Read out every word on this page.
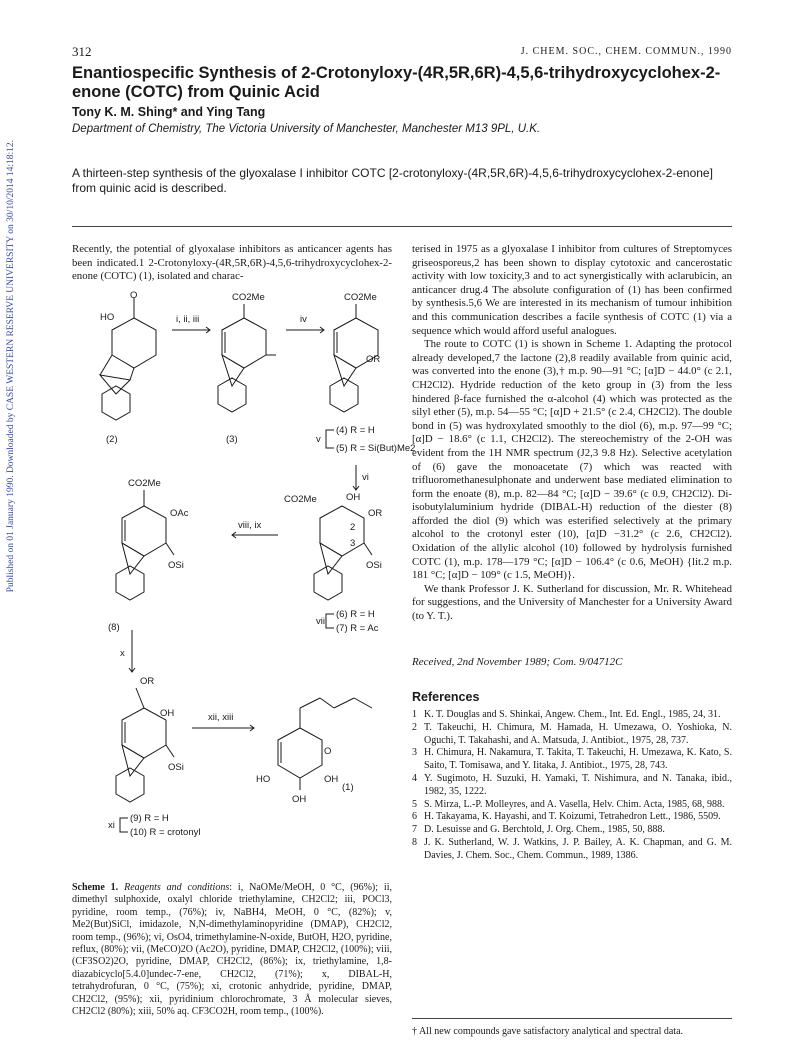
Published on 01 January 1990. Downloaded by CASE WESTERN RESERVE UNIVERSITY on 30/10/2014 14:18:12.
312	J. CHEM. SOC., CHEM. COMMUN., 1990
Enantiospecific Synthesis of 2-Crotonyloxy-(4R,5R,6R)-4,5,6-trihydroxycyclohex-2-enone (COTC) from Quinic Acid
Tony K. M. Shing* and Ying Tang
Department of Chemistry, The Victoria University of Manchester, Manchester M13 9PL, U.K.
A thirteen-step synthesis of the glyoxalase I inhibitor COTC [2-crotonyloxy-(4R,5R,6R)-4,5,6-trihydroxycyclohex-2-enone] from quinic acid is described.
Recently, the potential of glyoxalase inhibitors as anticancer agents has been indicated.1 2-Crotonyloxy-(4R,5R,6R)-4,5,6-trihydroxycyclohex-2-enone (COTC) (1), isolated and charac-
HO
O
(2)
i, ii, iii
CO2Me
(3)
iv
CO2Me
OR
(4) R = H
v
(5) R = Si(But)Me2
vi
CO2Me	OH
OR
2
3
OSi
(6) R = H
vii
(7) R = Ac
viii, ix
CO2Me
OAc
OSi
(8)
x
OR
OH
OSi
(9) R = H
xi
(10) R = crotonyl
xii, xiii
O
HO	OH
OH
(1)
Scheme 1. Reagents and conditions: i, NaOMe/MeOH, 0 °C, (96%); ii, dimethyl sulphoxide, oxalyl chloride triethylamine, CH2Cl2; iii, POCl3, pyridine, room temp., (76%); iv, NaBH4, MeOH, 0 °C, (82%); v, Me2(But)SiCl, imidazole, N,N-dimethylaminopyridine (DMAP), CH2Cl2, room temp., (96%); vi, OsO4, trimethylamine-N-oxide, ButOH, H2O, pyridine, reflux, (80%); vii, (MeCO)2O (Ac2O), pyridine, DMAP, CH2Cl2, (100%); viii, (CF3SO2)2O, pyridine, DMAP, CH2Cl2, (86%); ix, triethylamine, 1,8-diazabicyclo[5.4.0]undec-7-ene, CH2Cl2, (71%); x, DIBAL-H, tetrahydrofuran, 0 °C, (75%); xi, crotonic anhydride, pyridine, DMAP, CH2Cl2, (95%); xii, pyridinium chlorochromate, 3 Å molecular sieves, CH2Cl2 (80%); xiii, 50% aq. CF3CO2H, room temp., (100%).

terised in 1975 as a glyoxalase I inhibitor from cultures of Streptomyces griseosporeus,2 has been shown to display cytotoxic and cancerostatic activity with low toxicity,3 and to act synergistically with aclarubicin, an anticancer drug.4 The absolute configuration of (1) has been confirmed by synthesis.5,6 We are interested in its mechanism of tumour inhibition and this communication describes a facile synthesis of COTC (1) via a sequence which would afford useful analogues.

The route to COTC (1) is shown in Scheme 1. Adapting the protocol already developed,7 the lactone (2),8 readily available from quinic acid, was converted into the enone (3),† m.p. 90—91 °C; [α]D − 44.0° (c 2.1, CH2Cl2). Hydride reduction of the keto group in (3) from the less hindered β-face furnished the α-alcohol (4) which was protected as the silyl ether (5), m.p. 54—55 °C; [α]D + 21.5° (c 2.4, CH2Cl2). The double bond in (5) was hydroxylated smoothly to the diol (6), m.p. 97—99 °C; [α]D − 18.6° (c 1.1, CH2Cl2). The stereochemistry of the 2-OH was evident from the 1H NMR spectrum (J2,3 9.8 Hz). Selective acetylation of (6) gave the monoacetate (7) which was reacted with trifluoromethanesulphonate and underwent base mediated elimination to form the enoate (8), m.p. 82—84 °C; [α]D − 39.6° (c 0.9, CH2Cl2). Di-isobutylaluminium hydride (DIBAL-H) reduction of the diester (8) afforded the diol (9) which was esterified selectively at the primary alcohol to the crotonyl ester (10), [α]D −31.2° (c 2.6, CH2Cl2). Oxidation of the allylic alcohol (10) followed by hydrolysis furnished COTC (1), m.p. 178—179 °C; [α]D − 106.4° (c 0.6, MeOH) {lit.2 m.p. 181 °C; [α]D − 109° (c 1.5, MeOH)}.

We thank Professor J. K. Sutherland for discussion, Mr. R. Whitehead for suggestions, and the University of Manchester for a University Award (to Y. T.).

Received, 2nd November 1989; Com. 9/04712C
References
1 K. T. Douglas and S. Shinkai, Angew. Chem., Int. Ed. Engl., 1985, 24, 31.
2 T. Takeuchi, H. Chimura, M. Hamada, H. Umezawa, O. Yoshioka, N. Oguchi, T. Takahashi, and A. Matsuda, J. Antibiot., 1975, 28, 737.
3 H. Chimura, H. Nakamura, T. Takita, T. Takeuchi, H. Umezawa, K. Kato, S. Saito, T. Tomisawa, and Y. Iitaka, J. Antibiot., 1975, 28, 743.
4 Y. Sugimoto, H. Suzuki, H. Yamaki, T. Nishimura, and N. Tanaka, ibid., 1982, 35, 1222.
5 S. Mirza, L.-P. Molleyres, and A. Vasella, Helv. Chim. Acta, 1985, 68, 988.
6 H. Takayama, K. Hayashi, and T. Koizumi, Tetrahedron Lett., 1986, 5509.
7 D. Lesuisse and G. Berchtold, J. Org. Chem., 1985, 50, 888.
8 J. K. Sutherland, W. J. Watkins, J. P. Bailey, A. K. Chapman, and G. M. Davies, J. Chem. Soc., Chem. Commun., 1989, 1386.
† All new compounds gave satisfactory analytical and spectral data.
